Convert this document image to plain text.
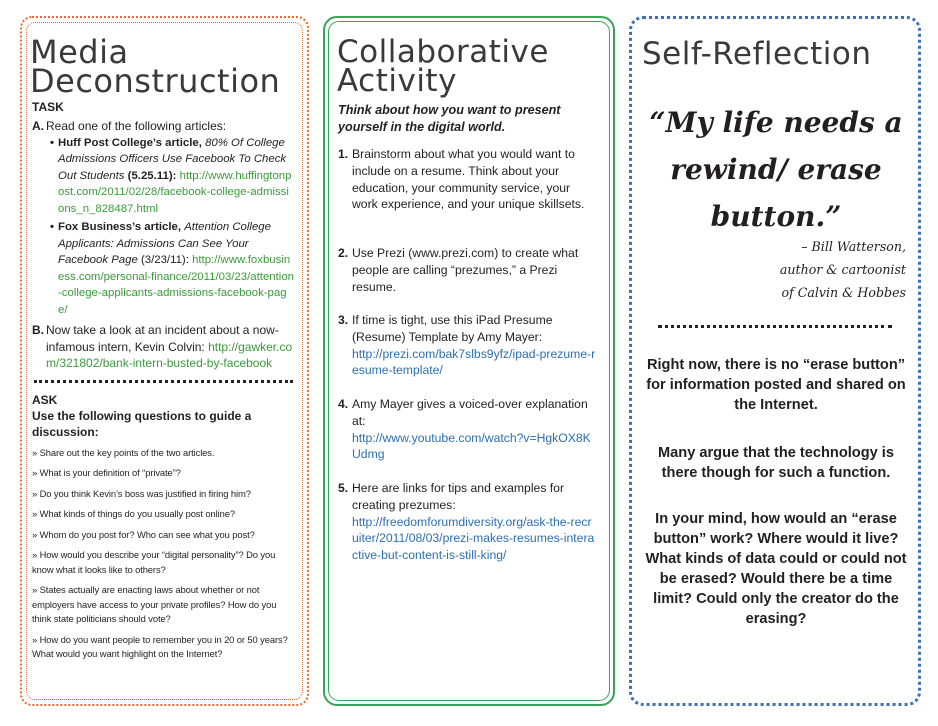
Media
Deconstruction

TASK

A. Read one of the following articles:
• Huff Post College’s article, 80% Of College Admissions Officers Use Facebook To Check Out Students (5.25.11): http://www.huffingtonpost.com/2011/02/28/facebook-college-admissions_n_828487.html
• Fox Business’s article, Attention College Applicants: Admissions Can See Your Facebook Page (3/23/11): http://www.foxbusiness.com/personal-finance/2011/03/23/attention-college-applicants-admissions-facebook-page/
B. Now take a look at an incident about a now-infamous intern, Kevin Colvin: http://gawker.com/321802/bank-intern-busted-by-facebook

ASK

Use the following questions to guide a discussion:

» Share out the key points of the two articles.
» What is your definition of “private”?
» Do you think Kevin’s boss was justified in firing him?
» What kinds of things do you usually post online?
» Whom do you post for? Who can see what you post?
» How would you describe your “digital personality”? Do you know what it looks like to others?
» States actually are enacting laws about whether or not employers have access to your private profiles? How do you think state politicians should vote?
» How do you want people to remember you in 20 or 50 years? What would you want highlight on the Internet?
Collaborative
Activity

Think about how you want to present yourself in the digital world.

1. Brainstorm about what you would want to include on a resume. Think about your education, your community service, your work experience, and your unique skillsets.
2. Use Prezi (www.prezi.com) to create what people are calling “prezumes,” a Prezi resume.
3. If time is tight, use this iPad Presume (Resume) Template by Amy Mayer:
http://prezi.com/bak7slbs9yfz/ipad-prezume-resume-template/
4. Amy Mayer gives a voiced-over explanation at:
http://www.youtube.com/watch?v=HgkOX8KUdmg
5. Here are links for tips and examples for creating prezumes:
http://freedomforumdiversity.org/ask-the-recruiter/2011/08/03/prezi-makes-resumes-interactive-but-content-is-still-king/
Self-Reflection
“My life needs a rewind/ erase button.”
– Bill Watterson,
author & cartoonist
of Calvin & Hobbes

Right now, there is no “erase button” for information posted and shared on the Internet.

Many argue that the technology is there though for such a function.

In your mind, how would an “erase button” work? Where would it live? What kinds of data could or could not be erased? Would there be a time limit? Could only the creator do the erasing?
